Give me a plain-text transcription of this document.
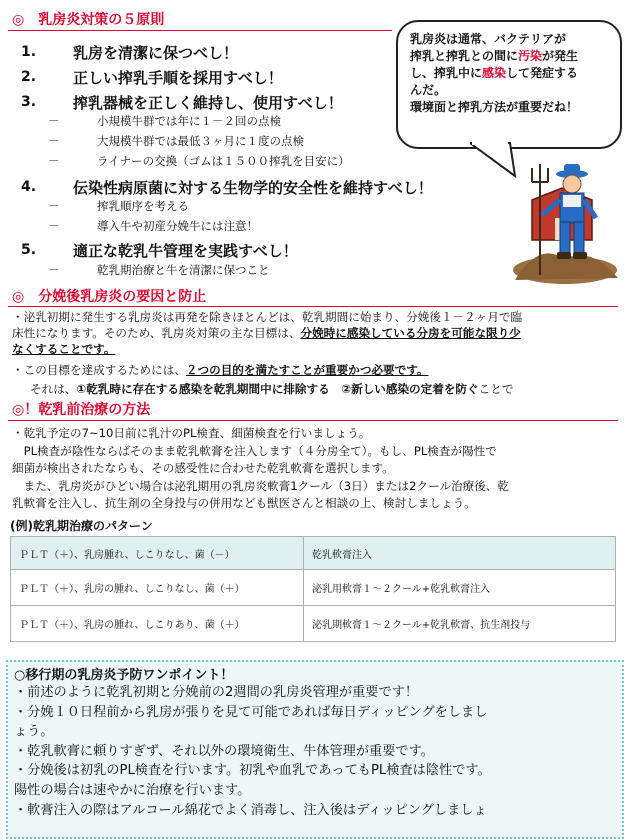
◎　乳房炎対策の５原則
1. 乳房を清潔に保つべし！
2. 正しい搾乳手順を採用すべし！
3. 搾乳器械を正しく維持し、使用すべし！
－	小規模牛群では年に１－２回の点検
－	大規模牛群では最低３ヶ月に１度の点検
－	ライナーの交換（ゴムは１５００搾乳を目安に）
4. 伝染性病原菌に対する生物学的安全性を維持すべし！
－	搾乳順序を考える
－	導入牛や初産分娩牛には注意！
5. 適正な乾乳牛管理を実践すべし！
－	乾乳期治療と牛を清潔に保つこと
乳房炎は通常、バクテリアが
搾乳と搾乳との間に汚染が発生
し、搾乳中に感染して発症する
んだ。
環境面と搾乳方法が重要だね！
◎　分娩後乳房炎の要因と防止
・泌乳初期に発生する乳房炎は再発を除きほとんどは、乾乳期間に始まり、分娩後１－２ヶ月で臨
床性になります。そのため、乳房炎対策の主な目標は、分娩時に感染している分房を可能な限り少
なくすることです。
・この目標を達成するためには、２つの目的を満たすことが重要かつ必要です。
それは、①乾乳時に存在する感染を乾乳期間中に排除する　②新しい感染の定着を防ぐことで
◎！乾乳前治療の方法
・乾乳予定の7~10日前に乳汁のPL検査、細菌検査を行いましょう。
　PL検査が陰性ならばそのまま乾乳軟膏を注入します（４分房全て）。もし、PL検査が陽性で
細菌が検出されたならも、その感受性に合わせた乾乳軟膏を選択します。
　また、乳房炎がひどい場合は泌乳期用の乳房炎軟膏1クール（3日）または2クール治療後、乾
乳軟膏を注入し、抗生剤の全身投与の併用なども獣医さんと相談の上、検討しましょう。
(例)乾乳期治療のパターン
ＰＬＴ（＋）、乳房腫れ、しこりなし、菌（－）	乾乳軟膏注入
ＰＬＴ（＋）、乳房の腫れ、しこりなし、菌（＋）	泌乳用軟膏１～２クール+乾乳軟膏注入
ＰＬＴ（＋）、乳房の腫れ、しこりあり、菌（＋）	泌乳期軟膏１～２クール+乾乳軟膏、抗生剤投与
○移行期の乳房炎予防ワンポイント！
・前述のように乾乳初期と分娩前の2週間の乳房炎管理が重要です！
・分娩１０日程前から乳房が張りを見て可能であれば毎日ディッピングをしまし
ょう。
・乾乳軟膏に頼りすぎず、それ以外の環境衛生、牛体管理が重要です。
・分娩後は初乳のPL検査を行います。初乳や血乳であってもPL検査は陰性です。
陽性の場合は速やかに治療を行います。
・軟膏注入の際はアルコール綿花でよく消毒し、注入後はディッピングしましょ
